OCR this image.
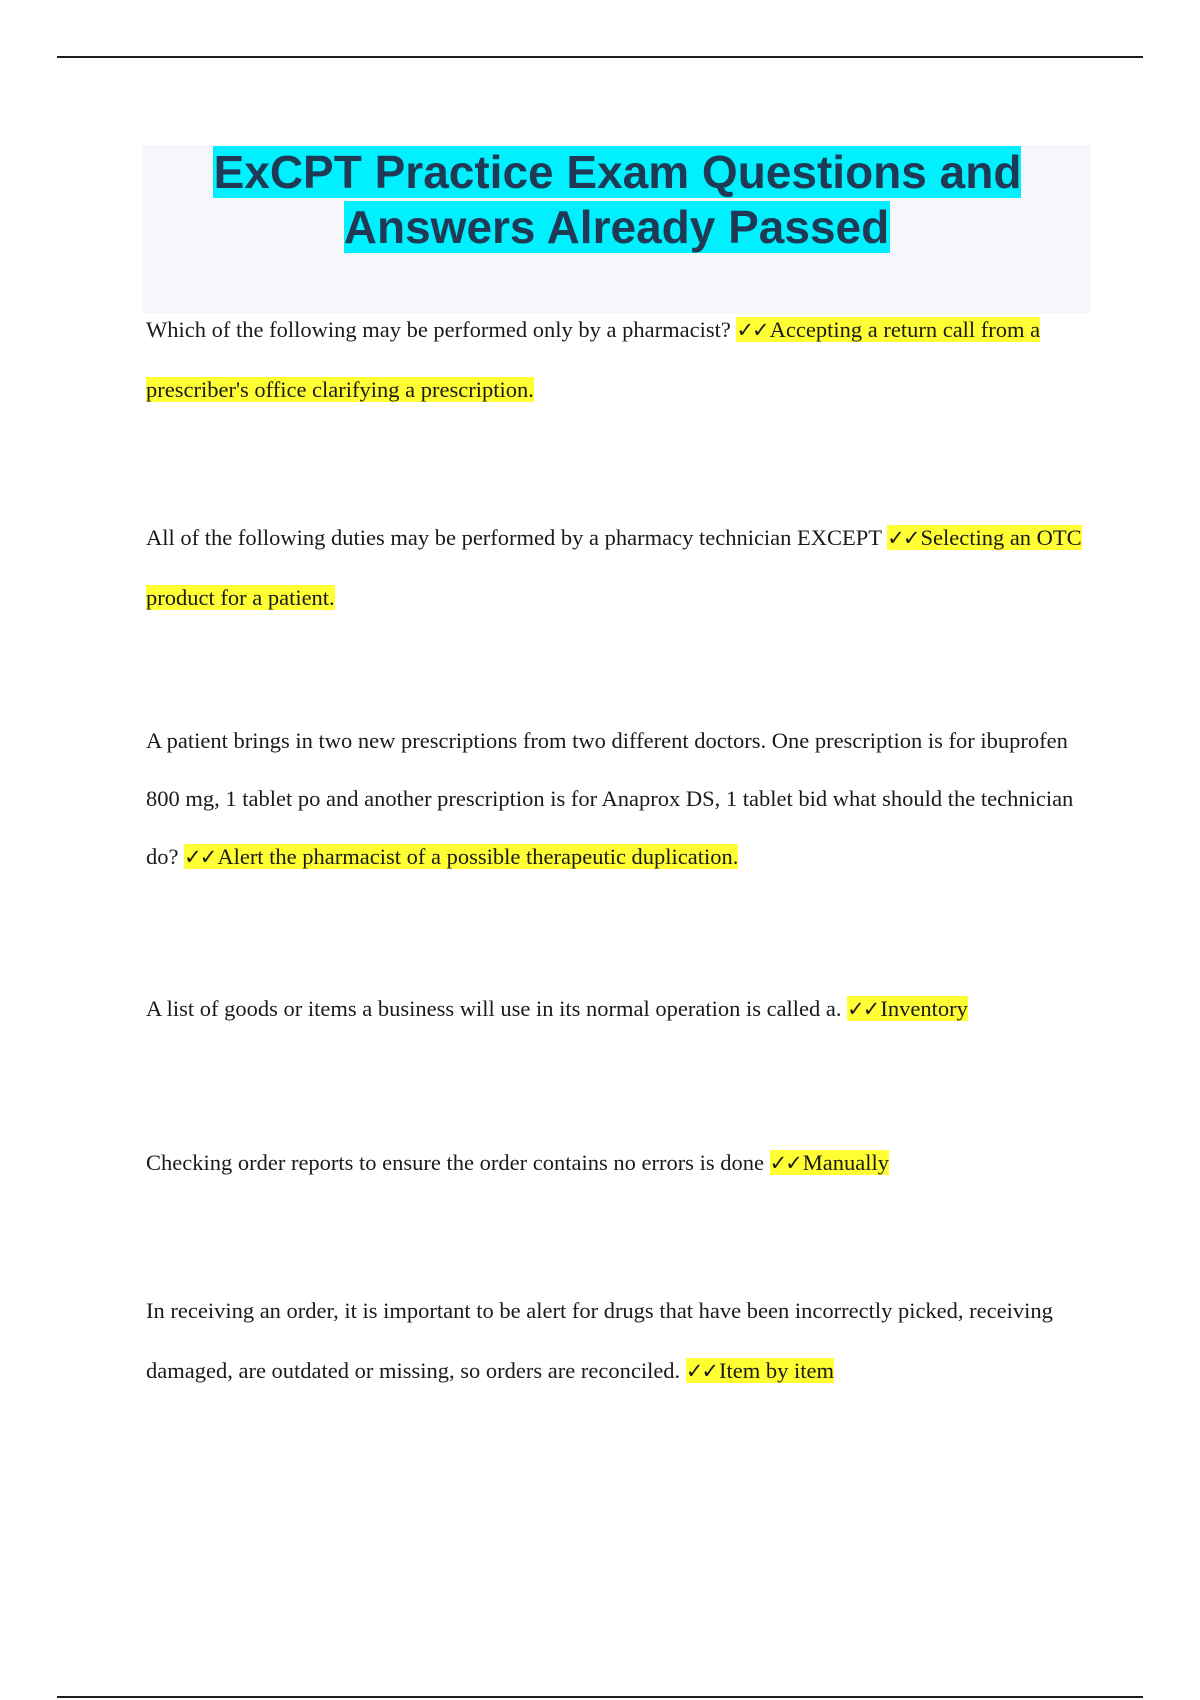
ExCPT Practice Exam Questions and Answers Already Passed

Which of the following may be performed only by a pharmacist? ✓✓Accepting a return call from a prescriber's office clarifying a prescription.

All of the following duties may be performed by a pharmacy technician EXCEPT ✓✓Selecting an OTC product for a patient.

A patient brings in two new prescriptions from two different doctors. One prescription is for ibuprofen 800 mg, 1 tablet po and another prescription is for Anaprox DS, 1 tablet bid what should the technician do? ✓✓Alert the pharmacist of a possible therapeutic duplication.

A list of goods or items a business will use in its normal operation is called a. ✓✓Inventory

Checking order reports to ensure the order contains no errors is done ✓✓Manually

In receiving an order, it is important to be alert for drugs that have been incorrectly picked, receiving damaged, are outdated or missing, so orders are reconciled. ✓✓Item by item
